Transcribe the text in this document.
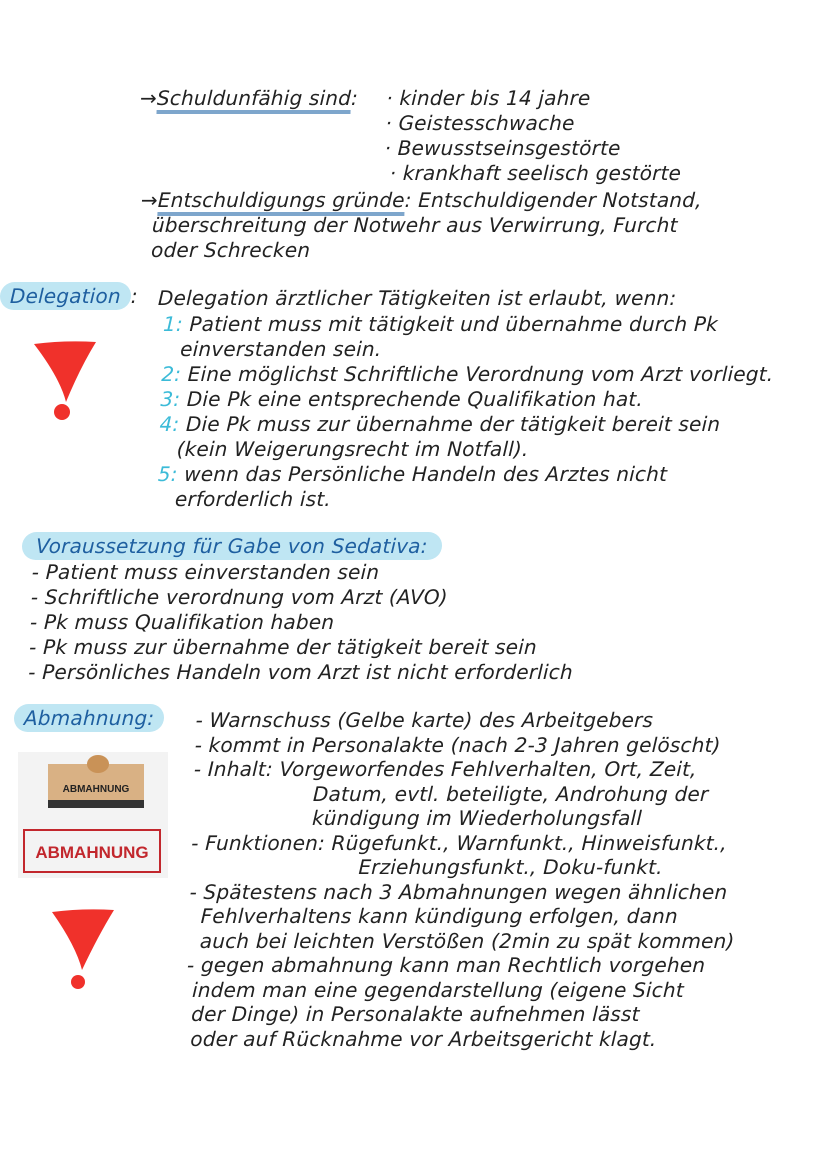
→Schuldunfähig sind: · kinder bis 14 jahre
· Geistesschwache
· Bewusstseinsgestörte
· krankhaft seelisch gestörte
→Entschuldigungs gründe: Entschuldigender Notstand,
überschreitung der Notwehr aus Verwirrung, Furcht
oder Schrecken
Delegation : Delegation ärztlicher Tätigkeiten ist erlaubt, wenn:
1: Patient muss mit tätigkeit und übernahme durch Pk
einverstanden sein.
2: Eine möglichst Schriftliche Verordnung vom Arzt vorliegt.
3: Die Pk eine entsprechende Qualifikation hat.
4: Die Pk muss zur übernahme der tätigkeit bereit sein
(kein Weigerungsrecht im Notfall).
5: wenn das Persönliche Handeln des Arztes nicht
erforderlich ist.
Voraussetzung für Gabe von Sedativa:
- Patient muss einverstanden sein
- Schriftliche verordnung vom Arzt (AVO)
- Pk muss Qualifikation haben
- Pk muss zur übernahme der tätigkeit bereit sein
- Persönliches Handeln vom Arzt ist nicht erforderlich
Abmahnung:
ABMAHNUNG
ABMAHNUNG
- Warnschuss (Gelbe karte) des Arbeitgebers
- kommt in Personalakte (nach 2-3 Jahren gelöscht)
- Inhalt: Vorgeworfendes Fehlverhalten, Ort, Zeit,
Datum, evtl. beteiligte, Androhung der
kündigung im Wiederholungsfall
- Funktionen: Rügefunkt., Warnfunkt., Hinweisfunkt.,
Erziehungsfunkt., Doku-funkt.
- Spätestens nach 3 Abmahnungen wegen ähnlichen
Fehlverhaltens kann kündigung erfolgen, dann
auch bei leichten Verstößen (2min zu spät kommen)
- gegen abmahnung kann man Rechtlich vorgehen
indem man eine gegendarstellung (eigene Sicht
der Dinge) in Personalakte aufnehmen lässt
oder auf Rücknahme vor Arbeitsgericht klagt.
